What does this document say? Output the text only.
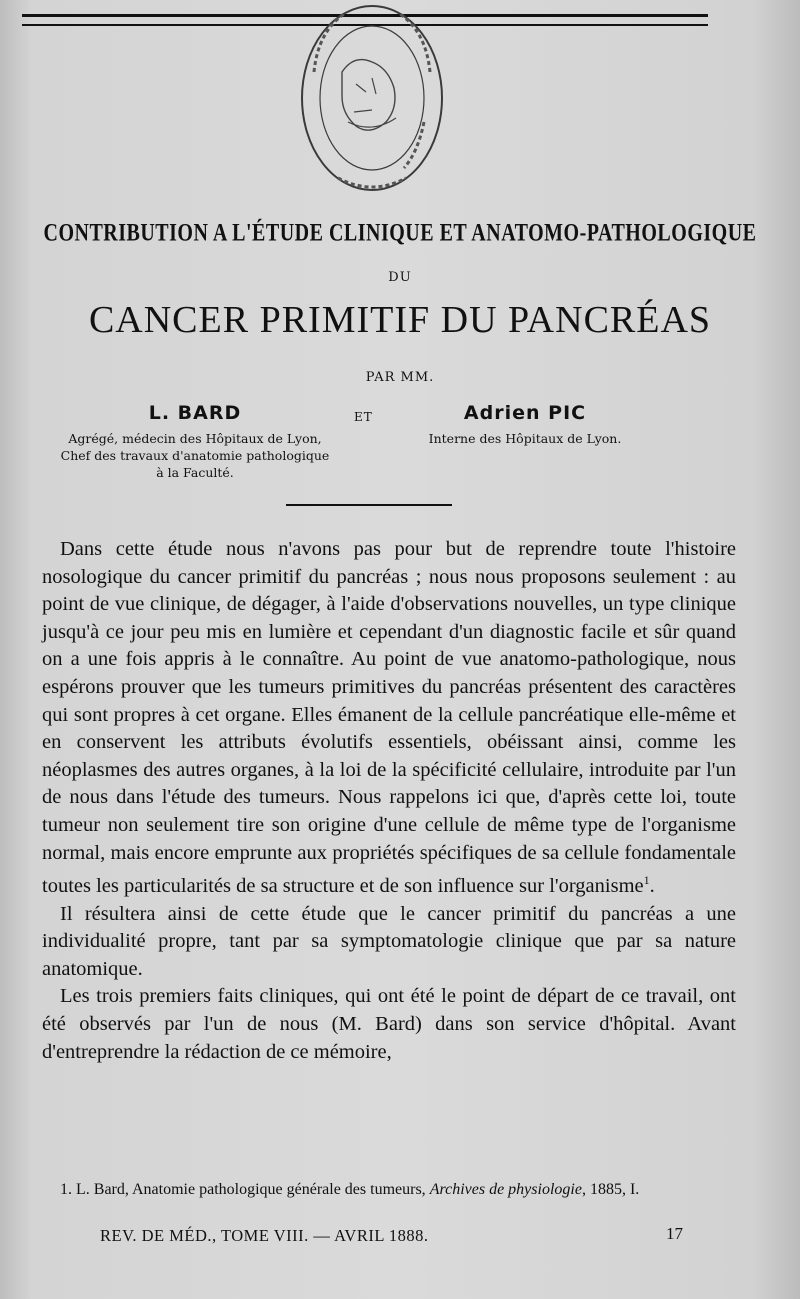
CONTRIBUTION A L'ÉTUDE CLINIQUE ET ANATOMO-PATHOLOGIQUE
DU
CANCER PRIMITIF DU PANCRÉAS
PAR MM.
L. BARD
Agrégé, médecin des Hôpitaux de Lyon,
Chef des travaux d'anatomie pathologique
à la Faculté.
ET	Adrien PIC
Interne des Hôpitaux de Lyon.

Dans cette étude nous n'avons pas pour but de reprendre toute l'histoire nosologique du cancer primitif du pancréas ; nous nous proposons seulement : au point de vue clinique, de dégager, à l'aide d'observations nouvelles, un type clinique jusqu'à ce jour peu mis en lumière et cependant d'un diagnostic facile et sûr quand on a une fois appris à le connaître. Au point de vue anatomo-pathologique, nous espérons prouver que les tumeurs primitives du pancréas présentent des caractères qui sont propres à cet organe. Elles émanent de la cellule pancréatique elle-même et en conservent les attributs évolutifs essentiels, obéissant ainsi, comme les néoplasmes des autres organes, à la loi de la spécificité cellulaire, introduite par l'un de nous dans l'étude des tumeurs. Nous rappelons ici que, d'après cette loi, toute tumeur non seulement tire son origine d'une cellule de même type de l'organisme normal, mais encore emprunte aux propriétés spécifiques de sa cellule fondamentale toutes les particularités de sa structure et de son influence sur l'organisme$^1$.

Il résultera ainsi de cette étude que le cancer primitif du pancréas a une individualité propre, tant par sa symptomatologie clinique que par sa nature anatomique.

Les trois premiers faits cliniques, qui ont été le point de départ de ce travail, ont été observés par l'un de nous (M. Bard) dans son service d'hôpital. Avant d'entreprendre la rédaction de ce mémoire,

1. L. Bard, Anatomie pathologique générale des tumeurs, Archives de physiologie, 1885, I.
REV. DE MÉD., TOME VIII. — AVRIL 1888.	17
